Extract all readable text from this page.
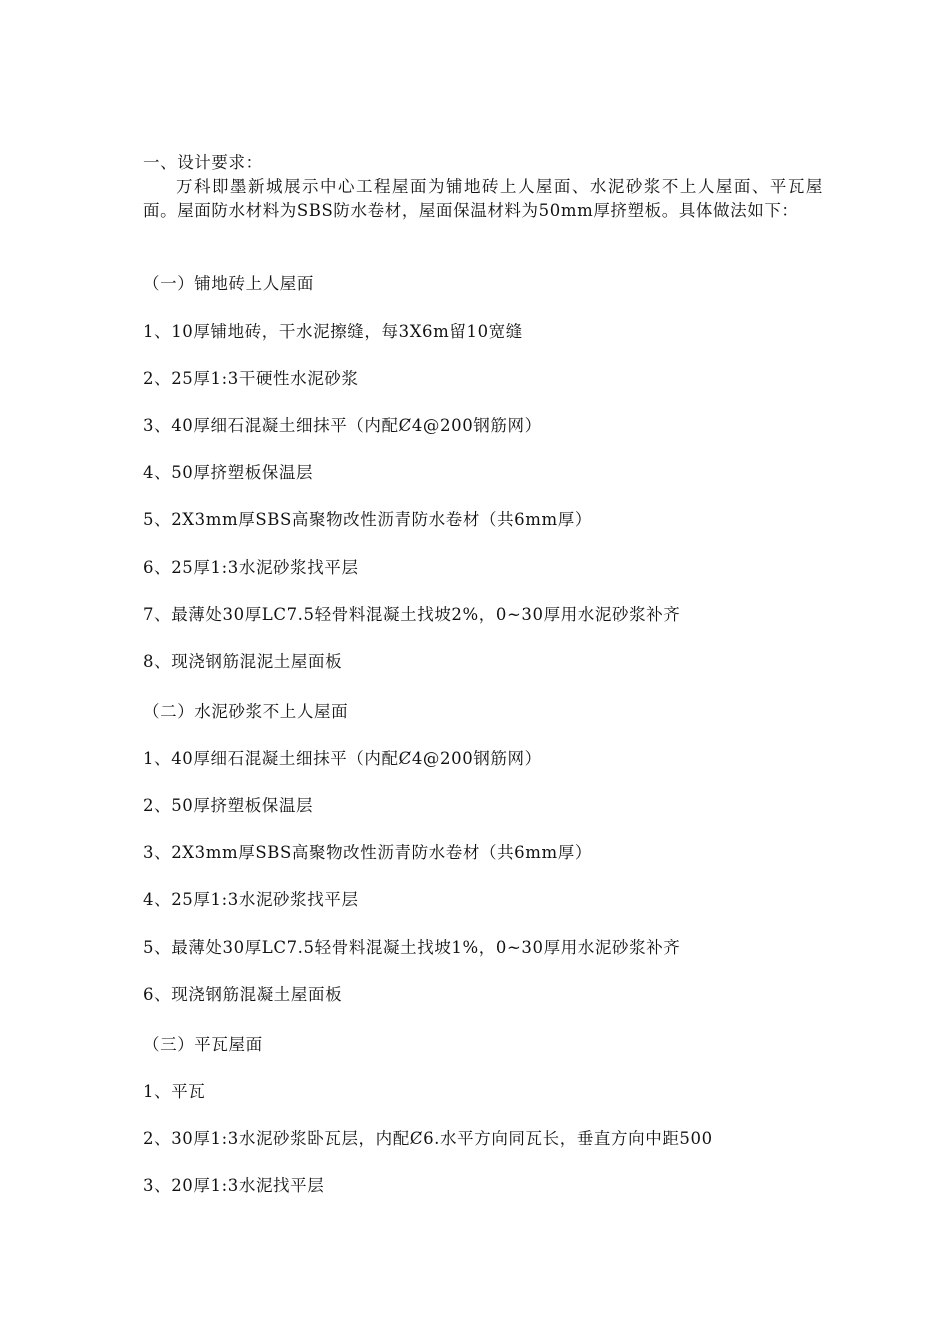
一、设计要求：
万科即墨新城展示中心工程屋面为铺地砖上人屋面、水泥砂浆不上人屋面、平瓦屋面。屋面防水材料为SBS防水卷材，屋面保温材料为50mm厚挤塑板。具体做法如下：
（一）铺地砖上人屋面
1、10厚铺地砖，干水泥擦缝，每3X6m留10宽缝
2、25厚1:3干硬性水泥砂浆
3、40厚细石混凝土细抹平（内配Ȼ4@200钢筋网）
4、50厚挤塑板保温层
5、2X3mm厚SBS高聚物改性沥青防水卷材（共6mm厚）
6、25厚1:3水泥砂浆找平层
7、最薄处30厚LC7.5轻骨料混凝土找坡2%，0~30厚用水泥砂浆补齐
8、现浇钢筋混泥土屋面板
（二）水泥砂浆不上人屋面
1、40厚细石混凝土细抹平（内配Ȼ4@200钢筋网）
2、50厚挤塑板保温层
3、2X3mm厚SBS高聚物改性沥青防水卷材（共6mm厚）
4、25厚1:3水泥砂浆找平层
5、最薄处30厚LC7.5轻骨料混凝土找坡1%，0~30厚用水泥砂浆补齐
6、现浇钢筋混凝土屋面板
（三）平瓦屋面
1、平瓦
2、30厚1:3水泥砂浆卧瓦层，内配Ȼ6.水平方向同瓦长，垂直方向中距500
3、20厚1:3水泥找平层
